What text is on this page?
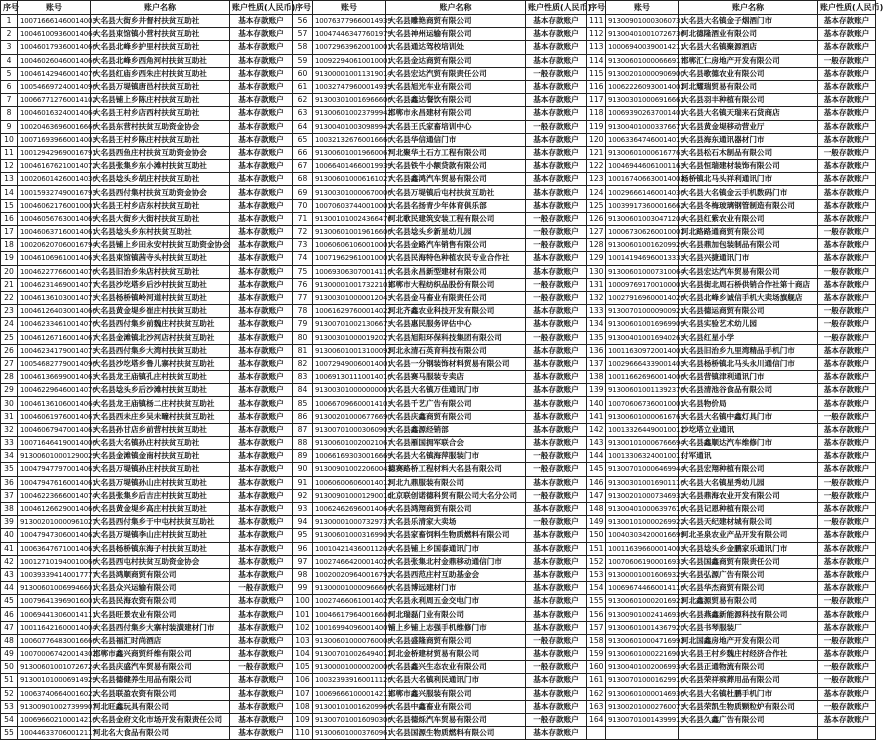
序号	账号	账户名称	账户性质(人民币)
1	100716661460014003	大名县大街乡井督村扶贫互助社	基本存款账户
2	100461009360014064	大名县束馆镇小营村扶贫互助社	基本存款账户
3	100460179360014066	大名县北峰乡护里村扶贫互助社	基本存款账户
4	100460260460014066	大名县北峰乡西角河村扶贫互助社	基本存款账户
5	100461429460014076	大名县红庙乡西朱庄村扶贫互助社	基本存款账户
6	100546697240014096	大名县万堤镇唐邑村扶贫互助社	基本存款账户
7	100667712760014102	大名县铺上乡陈庄村扶贫互助社	基本存款账户
8	100460163240014064	大名县王村乡店西村扶贫互助社	基本存款账户
9	100204636960016666	大名县东营村扶贫互助资金协会	基本存款账户
10	100716939660014003	大名县王村乡陈庄村扶贫互助社	基本存款账户
11	100129429690016791	大名县西鱼庄村扶贫互助资金协会	基本存款账户
12	100461676210014072	大名县张集乡东小滩村扶贫互助社	基本存款账户
13	100206014260014036	大名县埝头乡胡庄村扶贫互助社	基本存款账户
14	100159327490016793	大名县西付集村扶贫互助资金协会	基本存款账户
15	100460621760010001	大名县王村乡店东村扶贫互助社	基本存款账户
16	100460567630014069	大名县大街乡大街村扶贫互助社	基本存款账户
17	100460637160014061	大名县埝头乡东村扶贫互助社	基本存款账户
18	100206207060016794	大名县铺上乡田永安村扶贫互助资金协会	基本存款账户
19	100461069610014063	大名县束馆镇茜寺头村扶贫互助社	基本存款账户
20	100462277660014076	大名县旧治乡朱店村扶贫互助社	基本存款账户
21	100462314690014077	大名县沙圪塔乡后沙村扶贫互助社	基本存款账户
22	100461361030014073	大名县杨桥镇岭河道村扶贫互助社	基本存款账户
23	100461264030014066	大名县黄金堤乡崔庄村扶贫互助社	基本存款账户
24	100462334610014076	大名县西付集乡前魏庄村扶贫互助社	基本存款账户
25	100461267160014067	大名县金滩镇北沙河店村扶贫互助社	基本存款账户
26	100462341790014073	大名县西付集乡大湾村扶贫互助社	基本存款账户
27	100546827790014096	大名县沙圪塔乡鲁儿寨村扶贫互助社	基本存款账户
28	100461366990014063	大名县龙王庙镇孔庄村扶贫互助社	基本存款账户
29	100462296460014076	大名县埝头乡后沙滩村扶贫互助社	基本存款账户
30	100461361060014064	大名县龙王庙镇杨二庄村扶贫互助社	基本存款账户
31	100460619760014067	大名县西未庄乡吴未疃村扶贫互助社	基本存款账户
32	100460679470014063	大名县孙甘店乡前营村扶贫互助社	基本存款账户
33	100716464190014006	大名县大名镇孙庄村扶贫互助社	基本存款账户
34	913006010001290029	大名县金滩镇金南村扶贫互助社	基本存款账户
35	100479477970014063	大名县万堤镇孙庄村扶贫互助社	基本存款账户
36	100479476160014061	大名县万堤镇孙山庄村扶贫互助社	基本存款账户
37	100462236660014074	大名县张集乡后吉庄村扶贫互助社	基本存款账户
38	100461266290014066	大名县黄金堤乡高庄村扶贫互助社	基本存款账户
39	913002010000961027	大名县西付集乡于中屯村扶贫互助社	基本存款账户
40	100479473060014062	大名县万堤镇李山庄村扶贫互助社	基本存款账户
41	100636476710014063	大名县杨桥镇东海子村扶贫互助社	基本存款账户
42	100127101940010066	大名县西屯村扶贫互助资金协会	基本存款账户
43	100393394140017777	大名县鸿顺商贸有限公司	基本存款账户
44	913006010069946601	大名县众兴运输有限公司	一般存款账户
45	100796413969016001	大名县民海农资有限公司	基本存款账户
46	100694413060014111	大名县旺景农业有限公司	基本存款账户
47	100116421600014004	大名县西付集乡大寨村装潢建材门市	基本存款账户
48	100607764830016666	大名县福汇时尚酒店	基本存款账户
49	100700067420014302	邯郸市鑫兴商贸纤维有限公司	基本存款账户
50	913006010010726724	大名县庆盛汽车贸易有限公司	一般存款账户
51	913001010006914929	大名县德健养生用品有限公司	基本存款账户
52	100637406640016022	大名县联盈农资有限公司	基本存款账户
53	913009010027399907	河北旺鑫玩具有限公司	基本存款账户
54	100696602100014216	大名县金府文化市场开发有限责任公司	基本存款账户
55	100446337060012117	河北名大食品有限公司	基本存款账户
序号	账号	账户名称	账户性质(人民币)
56	100763779660014939	大名县雕艳商贸有限公司	基本存款账户
57	100474463477601979	大名县神州运输有限公司	基本存款账户
58	100729639620010001	大名县通达驾校培训处	基本存款账户
59	100922940610010001	大名县金达商贸有限公司	基本存款账户
60	913000010011319014	大名县宏达汽贸有限责任公司	一般存款账户
61	100327479600014939	大名县旭光车业有限公司	基本存款账户
62	913003010016966606	大名县鑫达餐饮有限公司	基本存款账户
63	913006010023799942	邯郸市永昌建材有限公司	基本存款账户
64	913004010030989942	大名县王氏家畜培训中心	一般存款账户
65	100321326760016660	大名县华信通信门市	基本存款账户
66	913006010019660067	河北聚华土石方工程有限公司	基本存款账户
67	100664014660019939	大名县铁牛小额贷款有限公司	基本存款账户
68	913006010006161027	大名县鑫鸿汽车贸易有限公司	基本存款账户
69	913003010000670006	大名县万堤镇后屯村扶贫互助社	基本存款账户
70	100706037440010001	大名县名扬青少年体育俱乐部	基本存款账户
71	913001010024366476	河北歌民建筑安装工程有限公司	一般存款账户
72	913006010019616606	大名县埝头乡新星幼儿园	一般存款账户
73	100606061060010001	大名县金路汽车销售有限公司	一般存款账户
74	100719629610010001	大名县民海特色种植农民专业合作社	基本存款账户
75	100693063070014116	大名县永昌新型建材有限公司	基本存款账户
76	913000010017322103	邯郸市大程纺织品股份有限公司	一般存款账户
77	913003010000012043	大名县金马畜业有限责任公司	一般存款账户
78	100616297600014022	河北齐鑫农业科技开发有限公司	基本存款账户
79	913007010021306673	大名县惠民服务评估中心	基本存款账户
80	913003010000192027	大名县旭阳环保科技集团有限公司	一般存款账户
81	913006010013100092	河北永清石英育科技有限公司	基本存款账户
82	100729490060014001	大名县一分钢装饰材料贸易有限公司	基本存款账户
83	100691301110014016	大名县赛马服装专卖店	基本存款账户
84	913003010000000001	大名县大名镇万佳通讯门市	基本存款账户
85	100667096600014103	大名县千艺广告有限公司	基本存款账户
86	913002010006776690	大名县庆鑫商贸有限公司	基本存款账户
87	913007010003060903	大名县鑫源经销部	基本存款账户
88	913006010020021067	大名县雁国拥军联合会	基本存款账户
89	100661693030016669	大名县大名镇海萍服装门市	一般存款账户
90	913009010022060043	德赛路桥工程材料大名县有限公司	一般存款账户
91	100606006060014012	河北九鼎服装有限公司	基本存款账户
92	913009010001290016	北京联创诺德科贸有限公司大名分公司	一般存款账户
93	100624626960014064	大名县鸿翔商贸有限公司	基本存款账户
94	913000010007329737	大名县乐清家大卖场	一般存款账户
95	913006010003169903	大名县家畜饲料生物质燃料有限公司	基本存款账户
96	100104214360011204	大名县铺上乡国泰通讯门市	基本存款账户
97	100274664200014026	大名县张集北村金鼎移动通信门市	基本存款账户
98	100200209640016792	大名县西范庄村互助基金会	基本存款账户
99	913000010000966606	大名县博远建材门市	基本存款账户
100	100274660610014027	大名县永利周五金交电门市	基本存款账户
101	100466179640016600	河北瑞磊门业有限公司	基本存款账户
102	100169940960014007	铺上乡铺上志强手机维修门市	基本存款账户
103	913006010000760008	大名县盛隆商贸有限公司	一般存款账户
104	913007010026494011	河北金桥建材贸易有限公司	基本存款账户
105	913000010000020006	大名县鑫兴生态农业有限公司	一般存款账户
106	100323939160011126	大名县大名镇利民通讯门市	基本存款账户
107	100696661000014213	邯郸市鑫兴服装有限公司	基本存款账户
108	913001010016209966	大名县中鑫畜业有限公司	基本存款账户
109	913007010016090306	大名县德烁汽车贸易有限公司	一般存款账户
110	913006010003760961	大名县国源生物质燃料有限公司	基本存款账户
序号	账号	账户名称	账户性质(人民币)
111	913009010003060731	大名县大名镇金子烟酒门市	基本存款账户
112	913004010010726736	河北德隆酒业有限公司	基本存款账户
113	100069400390014211	大名县大名镇聚源酒店	基本存款账户
114	913006010000666917	邯郸汇仁房地产开发有限公司	一般存款账户
115	913002010000906900	大名县歌德农业有限公司	基本存款账户
116	100622260930014001	河北耀瑞贸易有限公司	基本存款账户
117	913003010006916661	大名县羽丰种植有限公司	基本存款账户
118	100693902637001401	大名县大名镇天瑞来石货商店	基本存款账户
119	913004010003376671	大名县黄金堤移动营业厅	基本存款账户
120	100633647460014019	大名县海东通讯器材门市	基本存款账户
121	913006010006167763	大名县松石木制品有限公司	一般存款账户
122	100469446061001163	大名县恒瑞建材装饰有限公司	基本存款账户
123	100167406630014003	杨桥镇北马头祥利通讯门市	基本存款账户
124	100296661460014036	大名县大名镇金云手机数码门市	基本存款账户
125	100399173600016662	大名县冬梅玻璃钢管制造有限公司	基本存款账户
126	913006010030471204	大名县红紫农业有限公司	基本存款账户
127	100067306260010001	河北路路通商贸有限公司	一般存款账户
128	913006010016209926	大名县鼎加包装制品有限公司	基本存款账户
129	100141946960013333	大名县兴捷通讯门市	基本存款账户
130	913006010007310064	大名县宏达汽车贸易有限公司	一般存款账户
131	100097691700100001	大名县街北周石桥供销合作社第十商店	基本存款账户
132	100279169600014026	大名县北峰乡诚信手机大卖场旗舰店	基本存款账户
133	913007010000900921	大名县德运商贸有限公司	一般存款账户
134	913006010016969909	大名县实验艺术幼儿园	一般存款账户
135	913004010016940263	大名县红星小学	一般存款账户
136	100116309720014001	大名县旧治乡九里湾精品手机门市	基本存款账户
137	100296664339001403	大名县杨桥镇北马头永川通信门市	基本存款账户
138	100116626960014006	大名县营镇津利通讯门市	基本存款账户
139	913006010011392376	大名县清池谷食品有限公司	基本存款账户
140	100706067360010001	大名县物价局	基本存款账户
141	913006010000616763	大名县大名镇中鑫灯具门市	一般存款账户
142	100133264490010011	沙圪塔立业通讯	基本存款账户
143	913001010006766694	大名县鑫顺达汽车维修门市	基本存款账户
144	100133063240010011	付军通讯	基本存款账户
145	913007010006469944	大名县宏翔种植有限公司	基本存款账户
146	913003010016901116	大名县大名镇星秀幼儿园	一般存款账户
147	913002010007346932	大名县鼎海农业开发有限公司	一般存款账户
148	913004010006397616	大名县记恩种植有限公司	基本存款账户
149	913001010000269922	大名县天纪建材城有限公司	一般存款账户
150	100403034200016699	河北圣泉农业产品开发有限公司	基本存款账户
151	100116396600014003	大名县埝头乡金鹏家乐通讯门市	基本存款账户
152	100706061900016933	大名县国鑫商贸有限责任公司	基本存款账户
153	913000010016069329	大名县弘源广告有限公司	基本存款账户
154	100696744660014116	大名县华杰商贸有限公司	基本存款账户
155	913006010002016923	河北鑫源贸易有限公司	一般存款账户
156	913009010024146936	大名县燕鑫新能源科技有限公司	基本存款账户
157	913006010014367920	大名县书琴服装厂	基本存款账户
158	913006010004716993	河北国鑫房地产开发有限公司	一般存款账户
159	913006010002216901	大名县王村乡魏庄村经济合作社	基本存款账户
160	913004010020069934	大名县正通物流有限公司	一般存款账户
161	913007010001629916	大名县荣祥殡葬用品有限公司	一般存款账户
162	913006010000146936	大名县大名镇杜鹏手机门市	基本存款账户
163	913002010002760073	大名县荣凯生物质颗粒炉有限公司	一般存款账户
164	913007010014399913	大名县久鑫广告有限公司	基本存款账户
